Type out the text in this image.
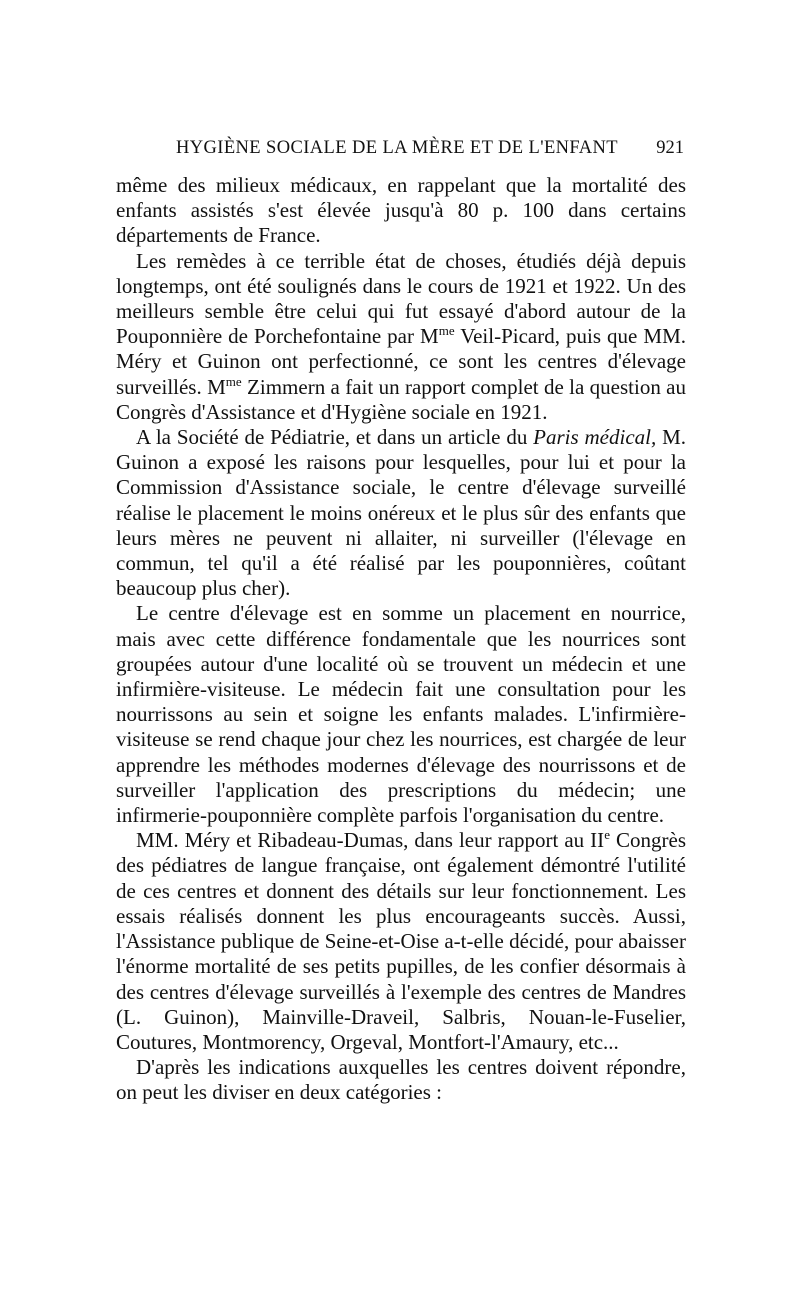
HYGIÈNE SOCIALE DE LA MÈRE ET DE L'ENFANT 921

même des milieux médicaux, en rappelant que la mortalité des enfants assistés s'est élevée jusqu'à 80 p. 100 dans certains départements de France.

Les remèdes à ce terrible état de choses, étudiés déjà depuis longtemps, ont été soulignés dans le cours de 1921 et 1922. Un des meilleurs semble être celui qui fut essayé d'abord autour de la Pouponnière de Porchefontaine par $M^{me}$ Veil-Picard, puis que MM. Méry et Guinon ont perfectionné, ce sont les centres d'élevage surveillés. $M^{me}$ Zimmern a fait un rapport complet de la question au Congrès d'Assistance et d'Hygiène sociale en 1921.

A la Société de Pédiatrie, et dans un article du Paris médical, M. Guinon a exposé les raisons pour lesquelles, pour lui et pour la Commission d'Assistance sociale, le centre d'élevage surveillé réalise le placement le moins onéreux et le plus sûr des enfants que leurs mères ne peuvent ni allaiter, ni surveiller (l'élevage en commun, tel qu'il a été réalisé par les pouponnières, coûtant beaucoup plus cher).

Le centre d'élevage est en somme un placement en nourrice, mais avec cette différence fondamentale que les nourrices sont groupées autour d'une localité où se trouvent un médecin et une infirmière-visiteuse. Le médecin fait une consultation pour les nourrissons au sein et soigne les enfants malades. L'infirmière-visiteuse se rend chaque jour chez les nourrices, est chargée de leur apprendre les méthodes modernes d'élevage des nourrissons et de surveiller l'application des prescriptions du médecin; une infirmerie-pouponnière complète parfois l'organisation du centre.

MM. Méry et Ribadeau-Dumas, dans leur rapport au IIe Congrès des pédiatres de langue française, ont également démontré l'utilité de ces centres et donnent des détails sur leur fonctionnement. Les essais réalisés donnent les plus encourageants succès. Aussi, l'Assistance publique de Seine-et-Oise a-t-elle décidé, pour abaisser l'énorme mortalité de ses petits pupilles, de les confier désormais à des centres d'élevage surveillés à l'exemple des centres de Mandres (L. Guinon), Mainville-Draveil, Salbris, Nouan-le-Fuselier, Coutures, Montmorency, Orgeval, Montfort-l'Amaury, etc...

D'après les indications auxquelles les centres doivent répondre, on peut les diviser en deux catégories :
